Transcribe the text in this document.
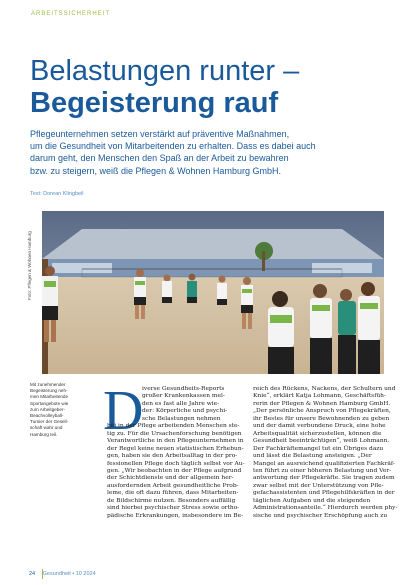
ARBEITSSICHERHEIT
Belastungen runter –
Begeisterung rauf
Pflegeunternehmen setzen verstärkt auf präventive Maßnahmen,
um die Gesundheit von Mitarbeitenden zu erhalten. Dass es dabei auch
darum geht, den Menschen den Spaß an der Arbeit zu bewahren
bzw. zu steigern, weiß die Pflegen & Wohnen Hamburg GmbH.
Text: Dorean Klingbeil
Foto: Pflegen & Wohnen Hamburg
Mit zunehmender
Begeisterung neh-
men Mitarbeitende
Sportangebote wie
zum Arbeitgeber-
Beachvolleyball-
Turnier der Gesell-
schaft wahr und
Hamburg teil. D
iverse Gesundheits-Reports
großer Krankenkassen mel-
den es fast alle Jahre wie-
der: Körperliche und psychi-
sche Belastungen nehmen
bei in der Pflege arbeitenden Menschen ste-
tig zu. Für die Ursachenforschung benötigen
Verantwortliche in den Pflegeunternehmen in
der Regel keine neuen statistischen Erhebun-
gen, haben sie den Arbeitsalltag in der pro-
fessionellen Pflege doch täglich selbst vor Au-
gen. „Wir beobachten in der Pflege aufgrund
der Schichtdienste und der allgemein her-
ausfordernden Arbeit gesundheitliche Prob-
leme, die oft dazu führen, dass Mitarbeiten-
de Bildschirme nutzen. Besonders auffällig
sind hierbei psychischer Stress sowie ortho-
pädische Erkrankungen, insbesondere im Be-
reich des Rückens, Nackens, der Schultern und
Knie“, erklärt Katja Lohmann, Geschäftsfüh-
rerin der Pflegen & Wohnen Hamburg GmbH.
„Der persönliche Anspruch von Pflegekräften,
ihr Bestes für unsere Bewohnenden zu geben
und der damit verbundene Druck, eine hohe
Arbeitsqualität sicherzustellen, können die
Gesundheit beeinträchtigen“, weiß Lohmann.
Der Fachkräftemangel tut ein Übriges dazu
und lässt die Belastung ansteigen. „Der
Mangel an ausreichend qualifizierten Fachkräf-
ten führt zu einer höheren Belastung und Ver-
antwortung der Pflegekräfte. Sie tragen zudem
zwar selbst mit der Unterstützung von Pfle-
gefachassistenten und Pflegehilfskräften in der
täglichen Aufgaben und die steigenden
Administrationsanteile.“ Hierdurch werden phy-
sische und psychischer Erschöpfung auch zu
24 Gesundheit • 10 2024
